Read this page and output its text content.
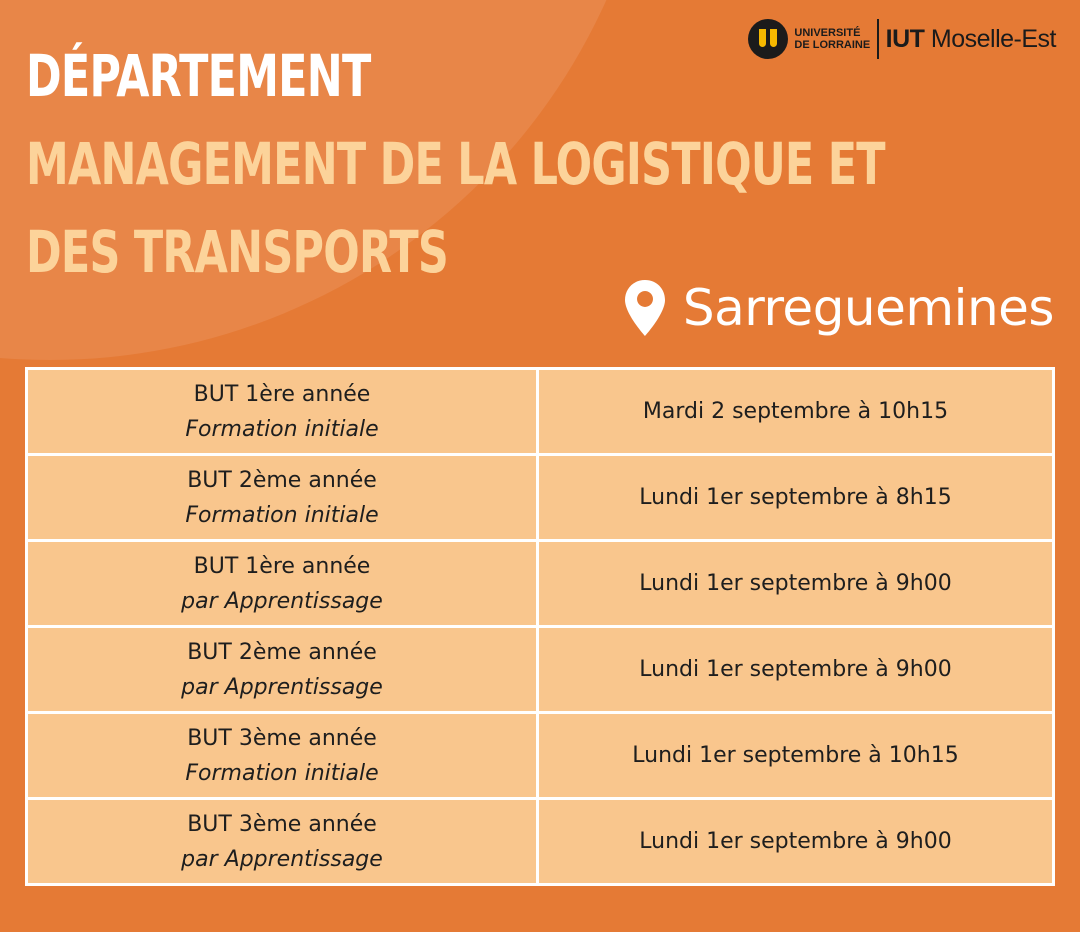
DÉPARTEMENT
MANAGEMENT DE LA LOGISTIQUE ET DES TRANSPORTS
UNIVERSITÉ
DE LORRAINE IUT Moselle-Est
Sarreguemines
BUT 1ère année
Formation initiale	Mardi 2 septembre à 10h15

BUT 2ème année
Formation initiale	Lundi 1er septembre à 8h15

BUT 1ère année
par Apprentissage	Lundi 1er septembre à 9h00

BUT 2ème année
par Apprentissage	Lundi 1er septembre à 9h00

BUT 3ème année
Formation initiale	Lundi 1er septembre à 10h15

BUT 3ème année
par Apprentissage	Lundi 1er septembre à 9h00
